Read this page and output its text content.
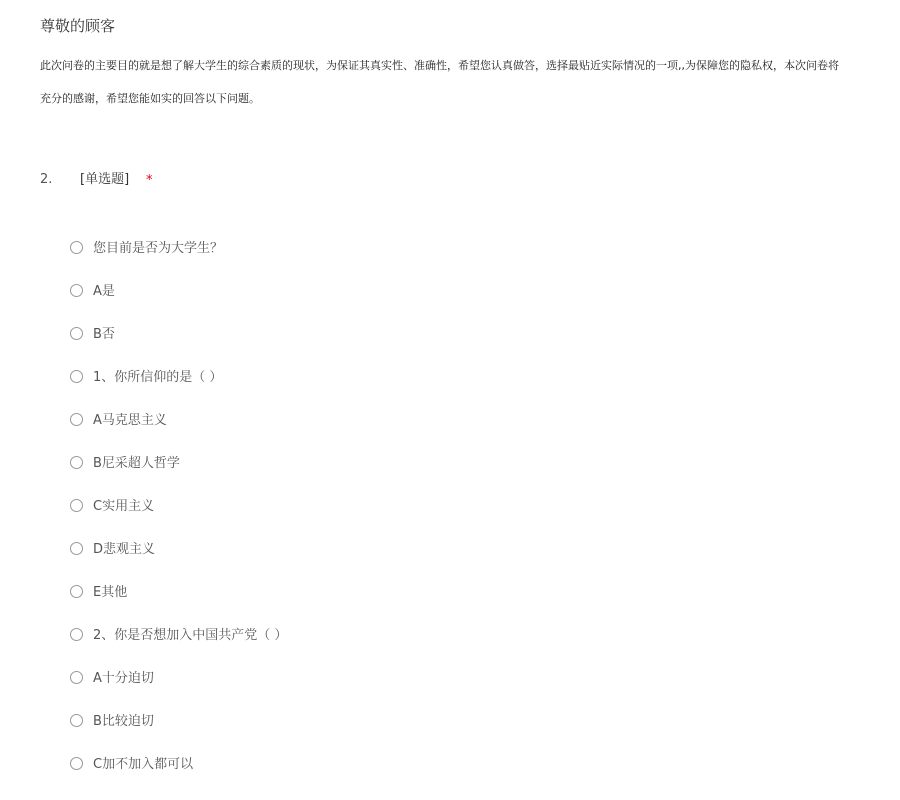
尊敬的顾客
此次问卷的主要目的就是想了解大学生的综合素质的现状，为保证其真实性、准确性，希望您认真做答，选择最贴近实际情况的一项,,为保障您的隐私权，本次问卷将
充分的感谢，希望您能如实的回答以下问题。
2. [单选题] *
您目前是否为大学生？
A是
B否
1、你所信仰的是（ ）
A马克思主义
B尼采超人哲学
C实用主义
D悲观主义
E其他
2、你是否想加入中国共产党（ ）
A十分迫切
B比较迫切
C加不加入都可以
